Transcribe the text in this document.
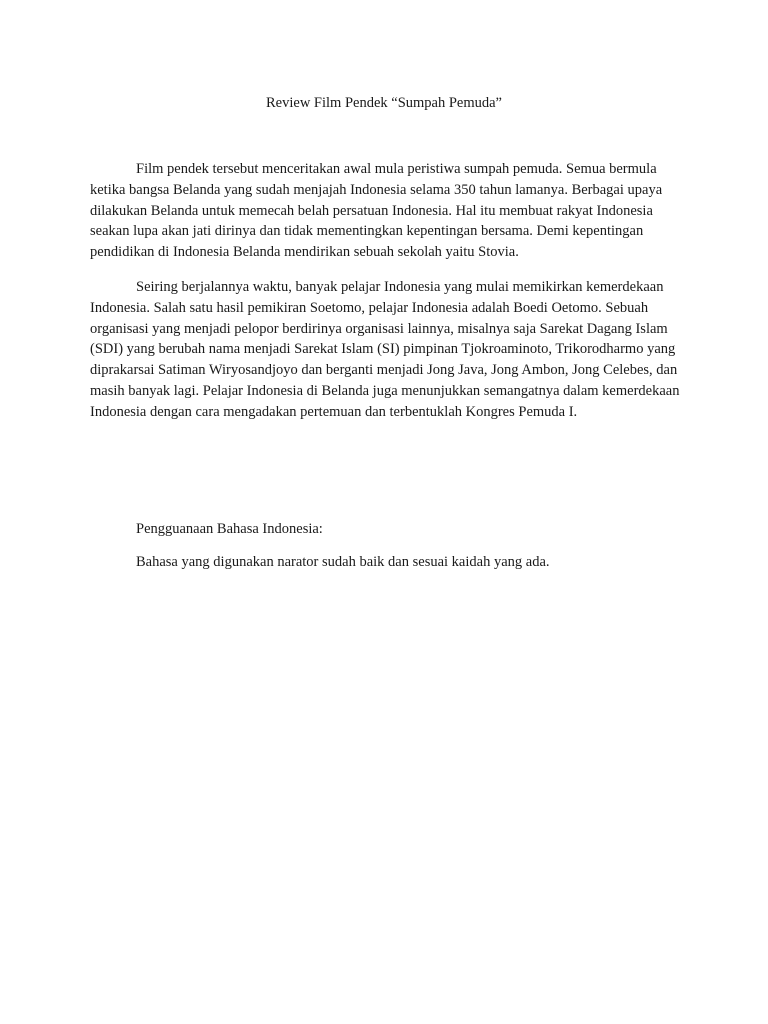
Review Film Pendek “Sumpah Pemuda”

Film pendek tersebut menceritakan awal mula peristiwa sumpah pemuda. Semua bermula ketika bangsa Belanda yang sudah menjajah Indonesia selama 350 tahun lamanya. Berbagai upaya dilakukan Belanda untuk memecah belah persatuan Indonesia. Hal itu membuat rakyat Indonesia seakan lupa akan jati dirinya dan tidak mementingkan kepentingan bersama. Demi kepentingan pendidikan di Indonesia Belanda mendirikan sebuah sekolah yaitu Stovia.

Seiring berjalannya waktu, banyak pelajar Indonesia yang mulai memikirkan kemerdekaan Indonesia. Salah satu hasil pemikiran Soetomo, pelajar Indonesia adalah Boedi Oetomo. Sebuah organisasi yang menjadi pelopor berdirinya organisasi lainnya, misalnya saja Sarekat Dagang Islam (SDI) yang berubah nama menjadi Sarekat Islam (SI) pimpinan Tjokroaminoto, Trikorodharmo yang diprakarsai Satiman Wiryosandjoyo dan berganti menjadi Jong Java, Jong Ambon, Jong Celebes, dan masih banyak lagi. Pelajar Indonesia di Belanda juga menunjukkan semangatnya dalam kemerdekaan Indonesia dengan cara mengadakan pertemuan dan terbentuklah Kongres Pemuda I.

Pengguanaan Bahasa Indonesia:

Bahasa yang digunakan narator sudah baik dan sesuai kaidah yang ada.
